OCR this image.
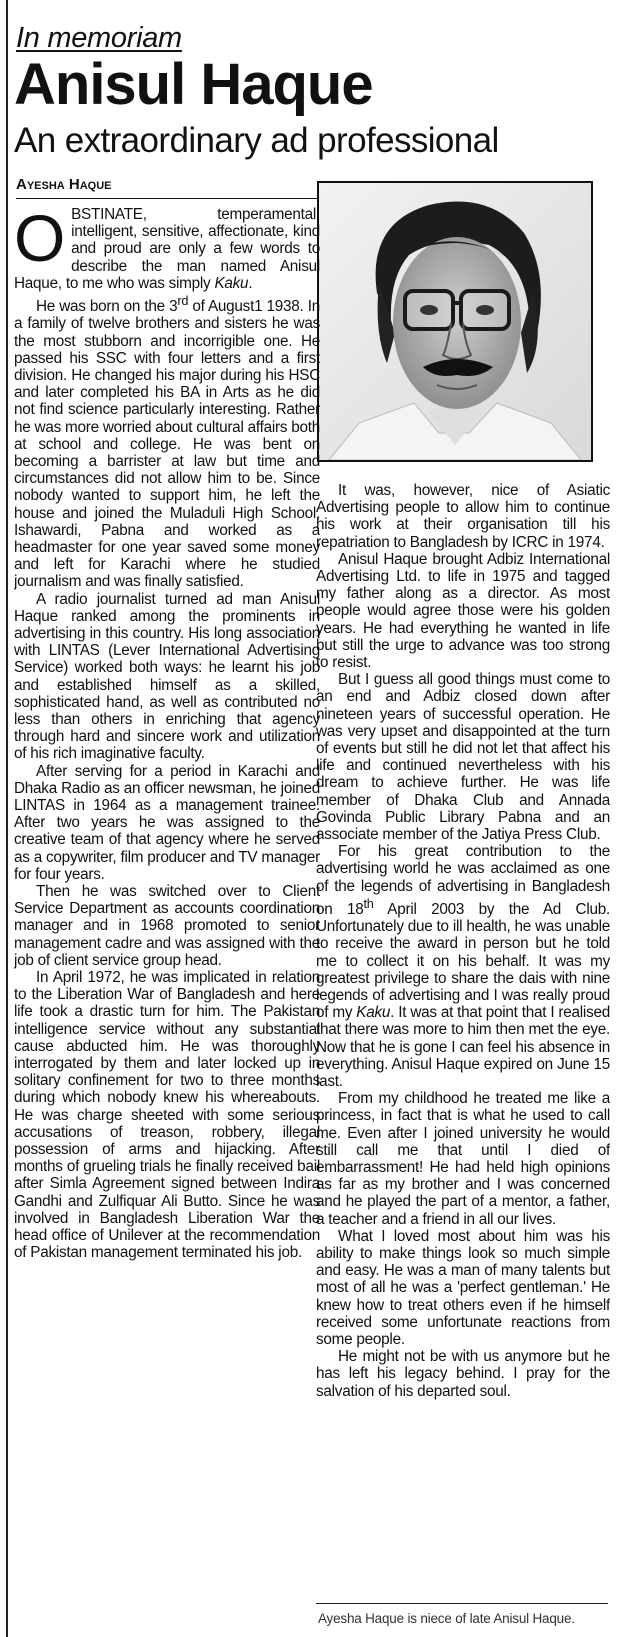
In memoriam
Anisul Haque
An extraordinary ad professional
Ayesha Haque

OBSTINATE, temperamental, intelligent, sensitive, affectionate, kind and proud are only a few words to describe the man named Anisul Haque, to me who was simply Kaku.

He was born on the 3rd of August1 1938. In a family of twelve brothers and sisters he was the most stubborn and incorrigible one. He passed his SSC with four letters and a first division. He changed his major during his HSC and later completed his BA in Arts as he did not find science particularly interesting. Rather he was more worried about cultural affairs both at school and college. He was bent on becoming a barrister at law but time and circumstances did not allow him to be. Since nobody wanted to support him, he left the house and joined the Muladuli High School, Ishawardi, Pabna and worked as a headmaster for one year saved some money and left for Karachi where he studied journalism and was finally satisfied.

A radio journalist turned ad man Anisul Haque ranked among the prominents in advertising in this country. His long association with LINTAS (Lever International Advertising Service) worked both ways: he learnt his job and established himself as a skilled, sophisticated hand, as well as contributed no less than others in enriching that agency through hard and sincere work and utilization of his rich imaginative faculty.

After serving for a period in Karachi and Dhaka Radio as an officer newsman, he joined LINTAS in 1964 as a management trainee. After two years he was assigned to the creative team of that agency where he served as a copywriter, film producer and TV manager for four years.

Then he was switched over to Client Service Department as accounts coordination manager and in 1968 promoted to senior management cadre and was assigned with the job of client service group head.

In April 1972, he was implicated in relation to the Liberation War of Bangladesh and here life took a drastic turn for him. The Pakistan intelligence service without any substantial cause abducted him. He was thoroughly interrogated by them and later locked up in solitary confinement for two to three months during which nobody knew his whereabouts. He was charge sheeted with some serious accusations of treason, robbery, illegal possession of arms and hijacking. After months of grueling trials he finally received bail after Simla Agreement signed between Indira Gandhi and Zulfiquar Ali Butto. Since he was involved in Bangladesh Liberation War the head office of Unilever at the recommendation of Pakistan management terminated his job.

It was, however, nice of Asiatic Advertising people to allow him to continue his work at their organisation till his repatriation to Bangladesh by ICRC in 1974.

Anisul Haque brought Adbiz International Advertising Ltd. to life in 1975 and tagged my father along as a director. As most people would agree those were his golden years. He had everything he wanted in life but still the urge to advance was too strong to resist.

But I guess all good things must come to an end and Adbiz closed down after nineteen years of successful operation. He was very upset and disappointed at the turn of events but still he did not let that affect his life and continued nevertheless with his dream to achieve further. He was life member of Dhaka Club and Annada Govinda Public Library Pabna and an associate member of the Jatiya Press Club.

For his great contribution to the advertising world he was acclaimed as one of the legends of advertising in Bangladesh on 18th April 2003 by the Ad Club. Unfortunately due to ill health, he was unable to receive the award in person but he told me to collect it on his behalf. It was my greatest privilege to share the dais with nine legends of advertising and I was really proud of my Kaku. It was at that point that I realised that there was more to him then met the eye. Now that he is gone I can feel his absence in everything. Anisul Haque expired on June 15 last.

From my childhood he treated me like a princess, in fact that is what he used to call me. Even after I joined university he would still call me that until I died of embarrassment! He had held high opinions as far as my brother and I was concerned and he played the part of a mentor, a father, a teacher and a friend in all our lives.

What I loved most about him was his ability to make things look so much simple and easy. He was a man of many talents but most of all he was a 'perfect gentleman.' He knew how to treat others even if he himself received some unfortunate reactions from some people.

He might not be with us anymore but he has left his legacy behind. I pray for the salvation of his departed soul.

Ayesha Haque is niece of late Anisul Haque.
